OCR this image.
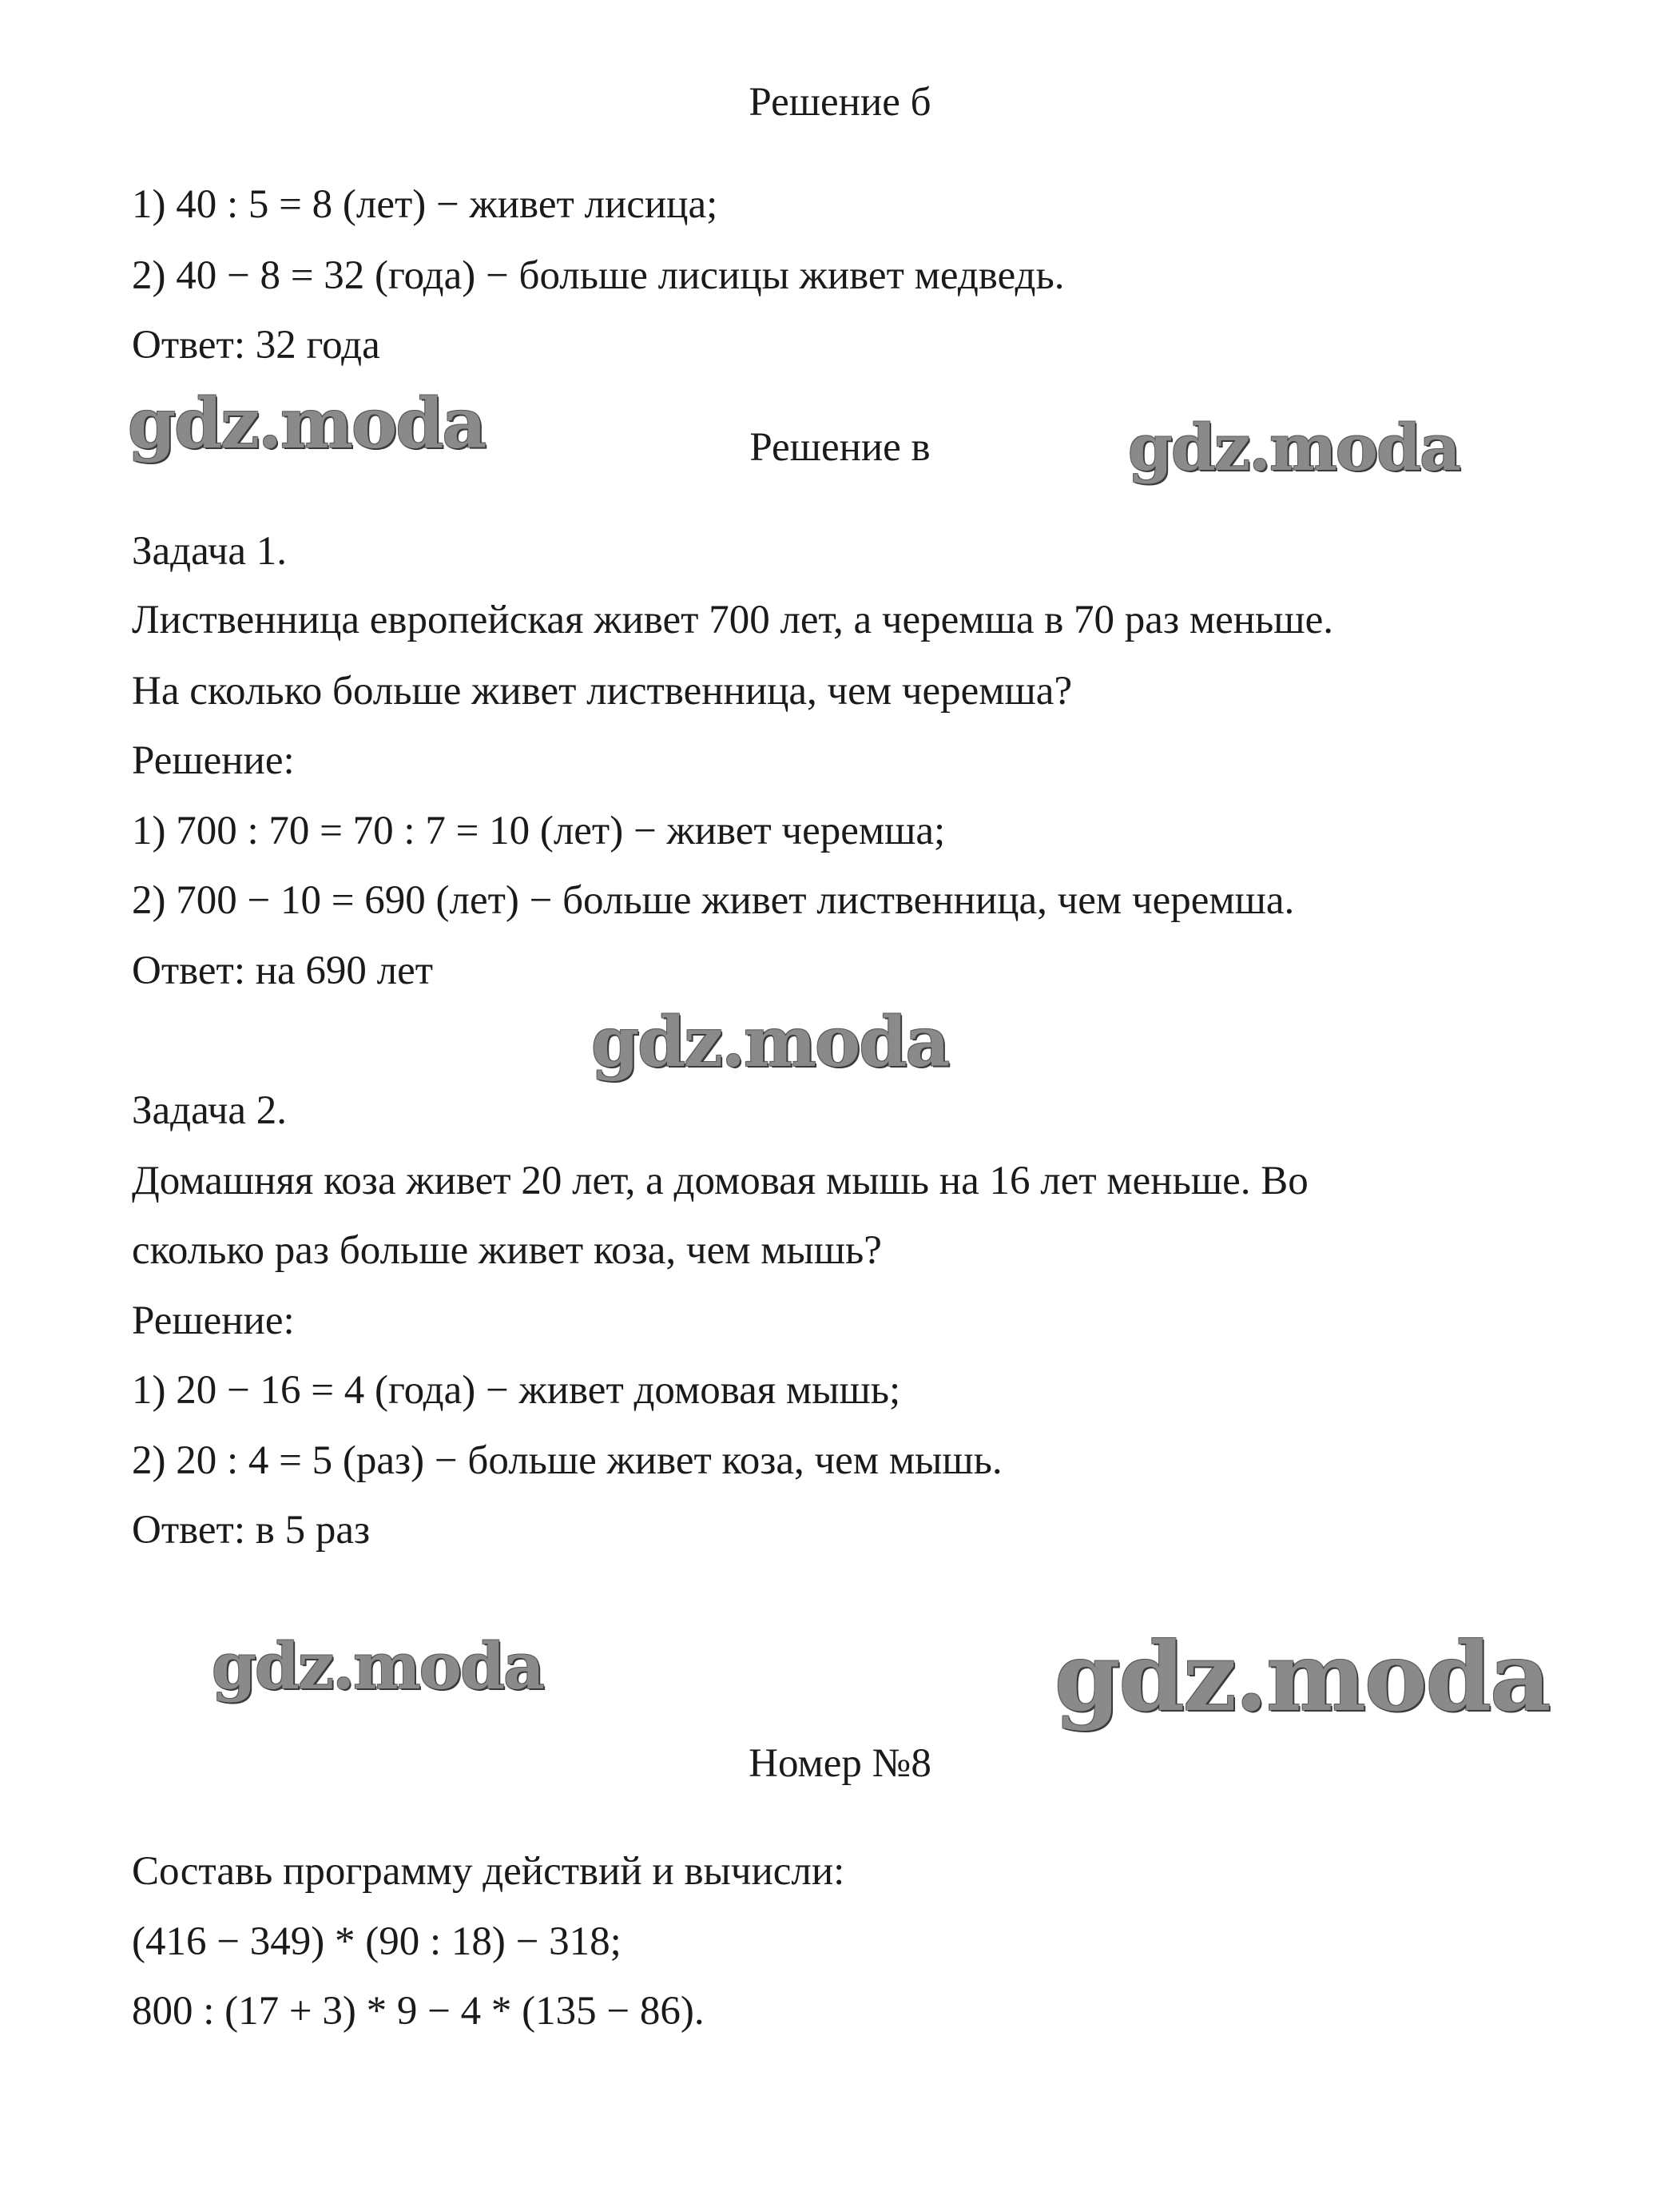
Решение б
1) 40 : 5 = 8 (лет) − живет лисица;
2) 40 − 8 = 32 (года) − больше лисицы живет медведь.
Ответ: 32 года
gdz.moda	Решение в	gdz.moda
Задача 1.
Лиственница европейская живет 700 лет, а черемша в 70 раз меньше.
На сколько больше живет лиственница, чем черемша?
Решение:
1) 700 : 70 = 70 : 7 = 10 (лет) − живет черемша;
2) 700 − 10 = 690 (лет) − больше живет лиственница, чем черемша.
Ответ: на 690 лет
gdz.moda
Задача 2.
Домашняя коза живет 20 лет, а домовая мышь на 16 лет меньше. Во
сколько раз больше живет коза, чем мышь?
Решение:
1) 20 − 16 = 4 (года) − живет домовая мышь;
2) 20 : 4 = 5 (раз) − больше живет коза, чем мышь.
Ответ: в 5 раз
gdz.moda	gdz.moda
Номер №8
Составь программу действий и вычисли:
(416 − 349) * (90 : 18) − 318;
800 : (17 + 3) * 9 − 4 * (135 − 86).
